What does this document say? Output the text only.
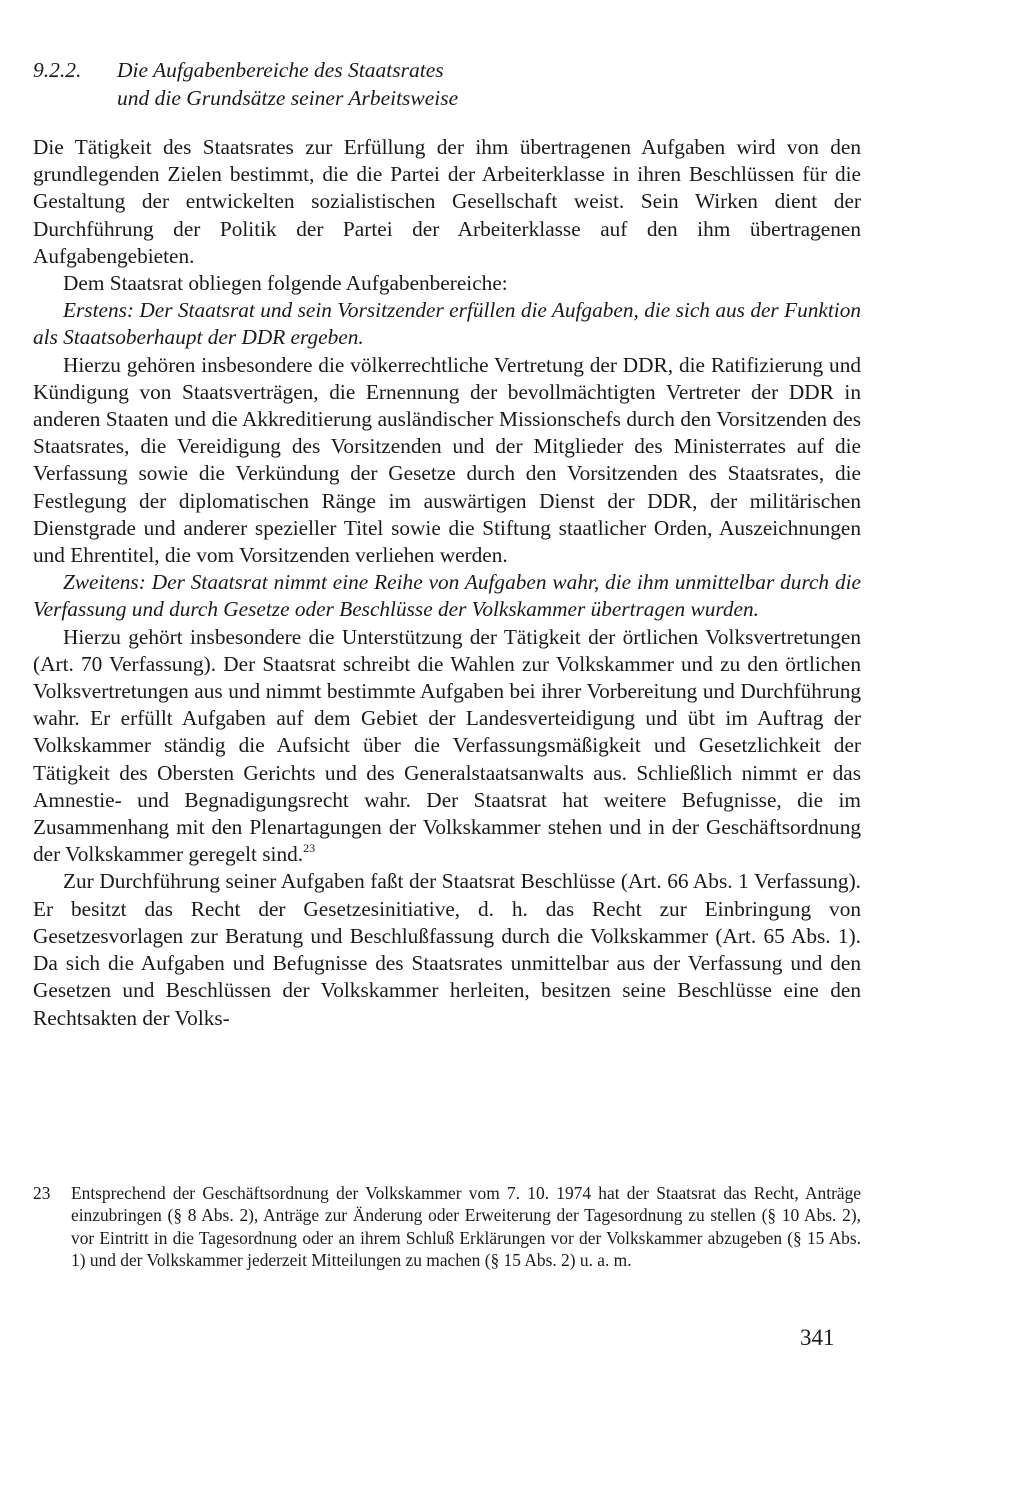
9.2.2.	Die Aufgabenbereiche des Staatsrates
und die Grundsätze seiner Arbeitsweise

Die Tätigkeit des Staatsrates zur Erfüllung der ihm übertragenen Aufgaben wird von den grundlegenden Zielen bestimmt, die die Partei der Arbeiterklasse in ihren Beschlüssen für die Gestaltung der entwickelten sozialistischen Gesellschaft weist. Sein Wirken dient der Durchführung der Politik der Partei der Arbeiterklasse auf den ihm übertragenen Aufgabengebieten.

Dem Staatsrat obliegen folgende Aufgabenbereiche:

Erstens: Der Staatsrat und sein Vorsitzender erfüllen die Aufgaben, die sich aus der Funktion als Staatsoberhaupt der DDR ergeben.

Hierzu gehören insbesondere die völkerrechtliche Vertretung der DDR, die Ratifizierung und Kündigung von Staatsverträgen, die Ernennung der bevollmächtigten Vertreter der DDR in anderen Staaten und die Akkreditierung ausländischer Missionschefs durch den Vorsitzenden des Staatsrates, die Vereidigung des Vorsitzenden und der Mitglieder des Ministerrates auf die Verfassung sowie die Verkündung der Gesetze durch den Vorsitzenden des Staatsrates, die Festlegung der diplomatischen Ränge im auswärtigen Dienst der DDR, der militärischen Dienstgrade und anderer spezieller Titel sowie die Stiftung staatlicher Orden, Auszeichnungen und Ehrentitel, die vom Vorsitzenden verliehen werden.

Zweitens: Der Staatsrat nimmt eine Reihe von Aufgaben wahr, die ihm unmittelbar durch die Verfassung und durch Gesetze oder Beschlüsse der Volkskammer übertragen wurden.

Hierzu gehört insbesondere die Unterstützung der Tätigkeit der örtlichen Volksvertretungen (Art. 70 Verfassung). Der Staatsrat schreibt die Wahlen zur Volkskammer und zu den örtlichen Volksvertretungen aus und nimmt bestimmte Aufgaben bei ihrer Vorbereitung und Durchführung wahr. Er erfüllt Aufgaben auf dem Gebiet der Landesverteidigung und übt im Auftrag der Volkskammer ständig die Aufsicht über die Verfassungsmäßigkeit und Gesetzlichkeit der Tätigkeit des Obersten Gerichts und des Generalstaatsanwalts aus. Schließlich nimmt er das Amnestie- und Begnadigungsrecht wahr. Der Staatsrat hat weitere Befugnisse, die im Zusammenhang mit den Plenartagungen der Volkskammer stehen und in der Geschäftsordnung der Volkskammer geregelt sind.$^{23}$

Zur Durchführung seiner Aufgaben faßt der Staatsrat Beschlüsse (Art. 66 Abs. 1 Verfassung). Er besitzt das Recht der Gesetzesinitiative, d. h. das Recht zur Einbringung von Gesetzesvorlagen zur Beratung und Beschlußfassung durch die Volkskammer (Art. 65 Abs. 1). Da sich die Aufgaben und Befugnisse des Staatsrates unmittelbar aus der Verfassung und den Gesetzen und Beschlüssen der Volkskammer herleiten, besitzen seine Beschlüsse eine den Rechtsakten der Volks-

23	Entsprechend der Geschäftsordnung der Volkskammer vom 7. 10. 1974 hat der Staatsrat das Recht, Anträge einzubringen (§ 8 Abs. 2), Anträge zur Änderung oder Erweiterung der Tagesordnung zu stellen (§ 10 Abs. 2), vor Eintritt in die Tagesordnung oder an ihrem Schluß Erklärungen vor der Volkskammer abzugeben (§ 15 Abs. 1) und der Volkskammer jederzeit Mitteilungen zu machen (§ 15 Abs. 2) u. a. m.
341
